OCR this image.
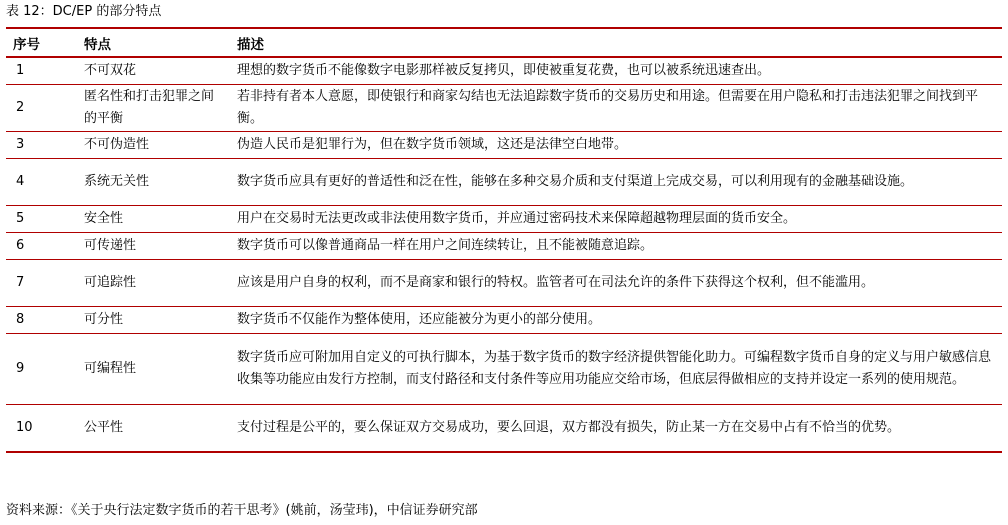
表 12：DC/EP 的部分特点
序号	特点	描述
1	不可双花	理想的数字货币不能像数字电影那样被反复拷贝，即使被重复花费，也可以被系统迅速查出。
2	匿名性和打击犯罪之间的平衡	若非持有者本人意愿，即使银行和商家勾结也无法追踪数字货币的交易历史和用途。但需要在用户隐私和打击违法犯罪之间找到平衡。
3	不可伪造性	伪造人民币是犯罪行为，但在数字货币领域，这还是法律空白地带。
4	系统无关性	数字货币应具有更好的普适性和泛在性，能够在多种交易介质和支付渠道上完成交易，可以利用现有的金融基础设施。
5	安全性	用户在交易时无法更改或非法使用数字货币，并应通过密码技术来保障超越物理层面的货币安全。
6	可传递性	数字货币可以像普通商品一样在用户之间连续转让，且不能被随意追踪。
7	可追踪性	应该是用户自身的权利，而不是商家和银行的特权。监管者可在司法允许的条件下获得这个权利，但不能滥用。
8	可分性	数字货币不仅能作为整体使用，还应能被分为更小的部分使用。
9	可编程性	数字货币应可附加用自定义的可执行脚本，为基于数字货币的数字经济提供智能化助力。可编程数字货币自身的定义与用户敏感信息收集等功能应由发行方控制，而支付路径和支付条件等应用功能应交给市场，但底层得做相应的支持并设定一系列的使用规范。
10	公平性	支付过程是公平的，要么保证双方交易成功，要么回退，双方都没有损失，防止某一方在交易中占有不恰当的优势。
资料来源：《关于央行法定数字货币的若干思考》(姚前，汤莹玮)，中信证券研究部
